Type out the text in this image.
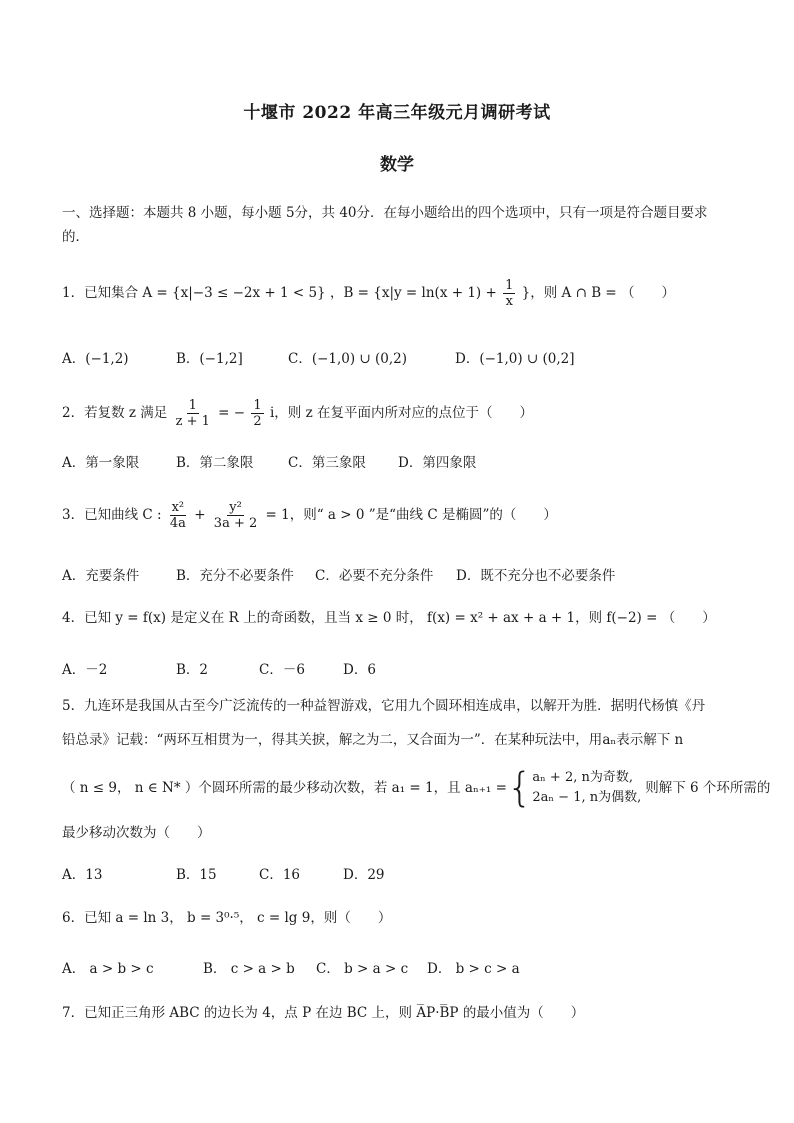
十堰市 2022 年高三年级元月调研考试
数学
一、选择题：本题共 8 小题，每小题 5分，共 40分．在每小题给出的四个选项中，只有一项是符合题目要求
的．
1．已知集合 A = {x|−3 ≤ −2x + 1 < 5} ，$B = \{x|y = \ln(x + 1) + \frac{1}{x}$ }，则 A ∩ B = （　　）
A．(−1,2)	B．(−1,2]	C．(−1,0) ∪ (0,2)	D．(−1,0) ∪ (0,2]
2．若复数 z 满足 $\frac{1}{z + 1}$ = − $\frac{1}{2}$ i，则 z 在复平面内所对应的点位于（　　）
A．第一象限	B．第二象限	C．第三象限 D．第四象限
3．已知曲线 C : $\frac{\text{x²}}{4a} + \frac{\text{y²}}{3a + 2} = 1$，则“ a > 0 ”是“曲线 C 是椭圆”的（　　）
A．充要条件	B．充分不必要条件 C．必要不充分条件 D．既不充分也不必要条件
4．已知 y = f(x) 是定义在 R 上的奇函数，且当 x ≥ 0 时， f(x) = x² + ax + a + 1，则 f(−2) = （　　）
A．－2	B．2	C．－6	D．6
5．九连环是我国从古至今广泛流传的一种益智游戏，它用九个圆环相连成串，以解开为胜．据明代杨慎《丹
铅总录》记载：“两环互相贯为一，得其关捩，解之为二，又合面为一”．在某种玩法中，用aₙ表示解下 n
（ n ≤ 9， n ∈ N* ）个圆环所需的最少移动次数，若 a₁ = 1，且 aₙ₊₁ = { aₙ + 2, n为奇数,
2aₙ − 1, n为偶数,
则解下 6 个环所需的
最少移动次数为（　　）
A．13	B．15	C．16	D．29
6．已知 a = ln 3， b = 3⁰·⁵， c = lg 9，则（　　）
A． a > b > c	B． c > a > b C． b > a > c D． b > c > a
7．已知正三角形 ABC 的边长为 4，点 P 在边 BC 上，则 ⌢⌢ AP·⌢⌢ BP 的最小值为（　　）
